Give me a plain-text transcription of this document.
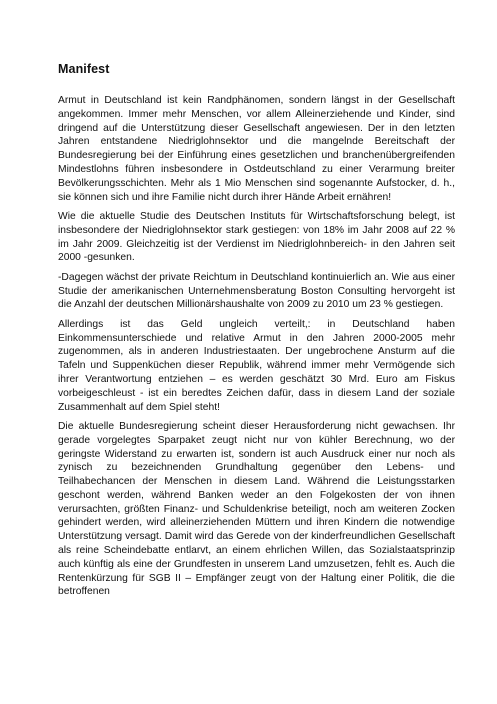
Manifest

Armut in Deutschland ist kein Randphänomen, sondern längst in der Gesellschaft angekommen. Immer mehr Menschen, vor allem Alleinerziehende und Kinder, sind dringend auf die Unterstützung dieser Gesellschaft angewiesen. Der in den letzten Jahren entstandene Niedriglohnsektor und die mangelnde Bereitschaft der Bundesregierung bei der Einführung eines gesetzlichen und branchenübergreifenden Mindestlohns führen insbesondere in Ostdeutschland zu einer Verarmung breiter Bevölkerungsschichten. Mehr als 1 Mio Menschen sind sogenannte Aufstocker, d. h., sie können sich und ihre Familie nicht durch ihrer Hände Arbeit ernähren!

Wie die aktuelle Studie des Deutschen Instituts für Wirtschaftsforschung belegt, ist insbesondere der Niedriglohnsektor stark gestiegen: von 18% im Jahr 2008 auf 22 % im Jahr 2009. Gleichzeitig ist der Verdienst im Niedriglohnbereich- in den Jahren seit 2000 -gesunken.

-Dagegen wächst der private Reichtum in Deutschland kontinuierlich an. Wie aus einer Studie der amerikanischen Unternehmensberatung Boston Consulting hervorgeht ist die Anzahl der deutschen Millionärshaushalte von 2009 zu 2010 um 23 % gestiegen.

Allerdings ist das Geld ungleich verteilt,: in Deutschland haben Einkommensunterschiede und relative Armut in den Jahren 2000-2005 mehr zugenommen, als in anderen Industriestaaten. Der ungebrochene Ansturm auf die Tafeln und Suppenküchen dieser Republik, während immer mehr Vermögende sich ihrer Verantwortung entziehen – es werden geschätzt 30 Mrd. Euro am Fiskus vorbeigeschleust - ist ein beredtes Zeichen dafür, dass in diesem Land der soziale Zusammenhalt auf dem Spiel steht!

Die aktuelle Bundesregierung scheint dieser Herausforderung nicht gewachsen. Ihr gerade vorgelegtes Sparpaket zeugt nicht nur von kühler Berechnung, wo der geringste Widerstand zu erwarten ist, sondern ist auch Ausdruck einer nur noch als zynisch zu bezeichnenden Grundhaltung gegenüber den Lebens- und Teilhabechancen der Menschen in diesem Land. Während die Leistungsstarken geschont werden, während Banken weder an den Folgekosten der von ihnen verursachten, größten Finanz- und Schuldenkrise beteiligt, noch am weiteren Zocken gehindert werden, wird alleinerziehenden Müttern und ihren Kindern die notwendige Unterstützung versagt. Damit wird das Gerede von der kinderfreundlichen Gesellschaft als reine Scheindebatte entlarvt, an einem ehrlichen Willen, das Sozialstaatsprinzip auch künftig als eine der Grundfesten in unserem Land umzusetzen, fehlt es. Auch die Rentenkürzung für SGB II – Empfänger zeugt von der Haltung einer Politik, die die betroffenen
